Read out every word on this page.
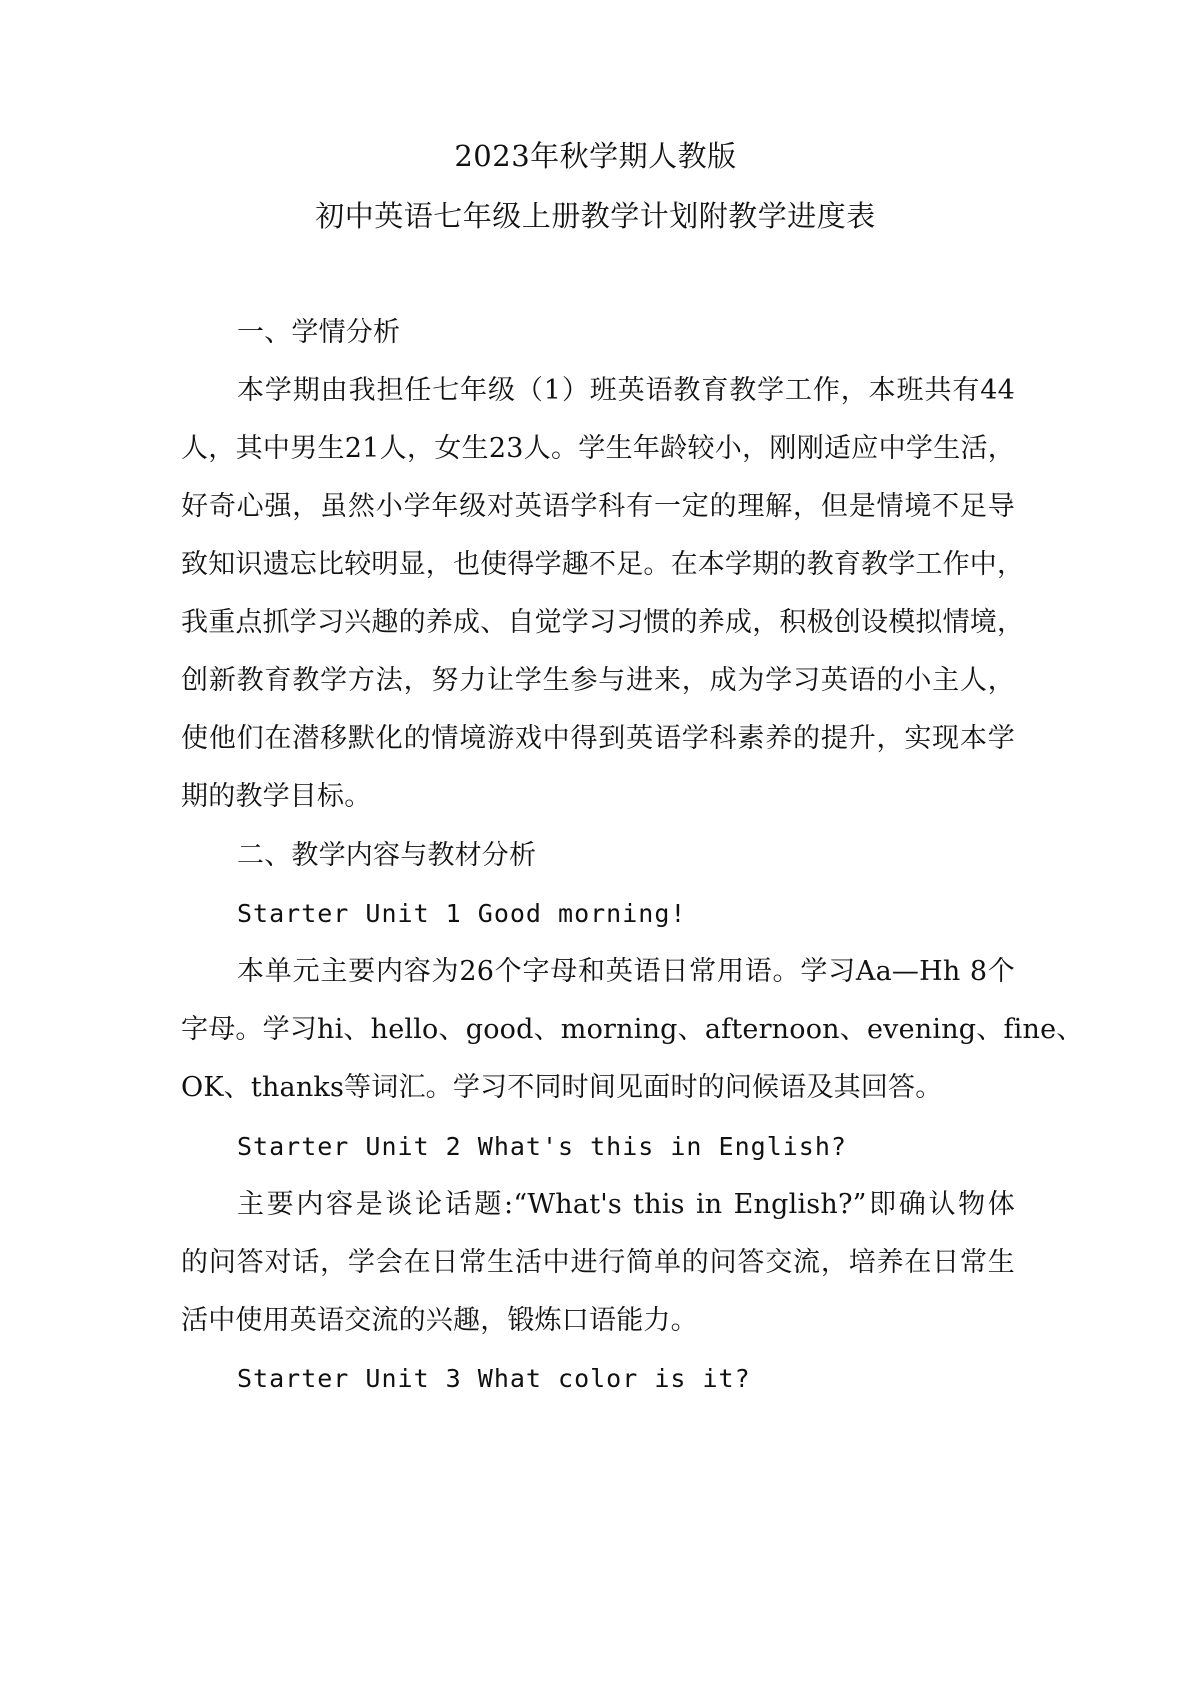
2023年秋学期人教版
初中英语七年级上册教学计划附教学进度表
一、学情分析
本学期由我担任七年级（1）班英语教育教学工作，本班共有44
人，其中男生21人，女生23人。学生年龄较小，刚刚适应中学生活，
好奇心强，虽然小学年级对英语学科有一定的理解，但是情境不足导
致知识遗忘比较明显，也使得学趣不足。在本学期的教育教学工作中，
我重点抓学习兴趣的养成、自觉学习习惯的养成，积极创设模拟情境，
创新教育教学方法，努力让学生参与进来，成为学习英语的小主人，
使他们在潜移默化的情境游戏中得到英语学科素养的提升，实现本学
期的教学目标。
二、教学内容与教材分析
Starter Unit 1 Good morning!
本单元主要内容为26个字母和英语日常用语。学习Aa—Hh 8个
字母。学习hi、hello、good、morning、afternoon、evening、fine、
OK、thanks等词汇。学习不同时间见面时的问候语及其回答。
Starter Unit 2 What's this in English?
主要内容是谈论话题:“What's this in English?”即确认物体
的问答对话，学会在日常生活中进行简单的问答交流，培养在日常生
活中使用英语交流的兴趣，锻炼口语能力。
Starter Unit 3 What color is it?
